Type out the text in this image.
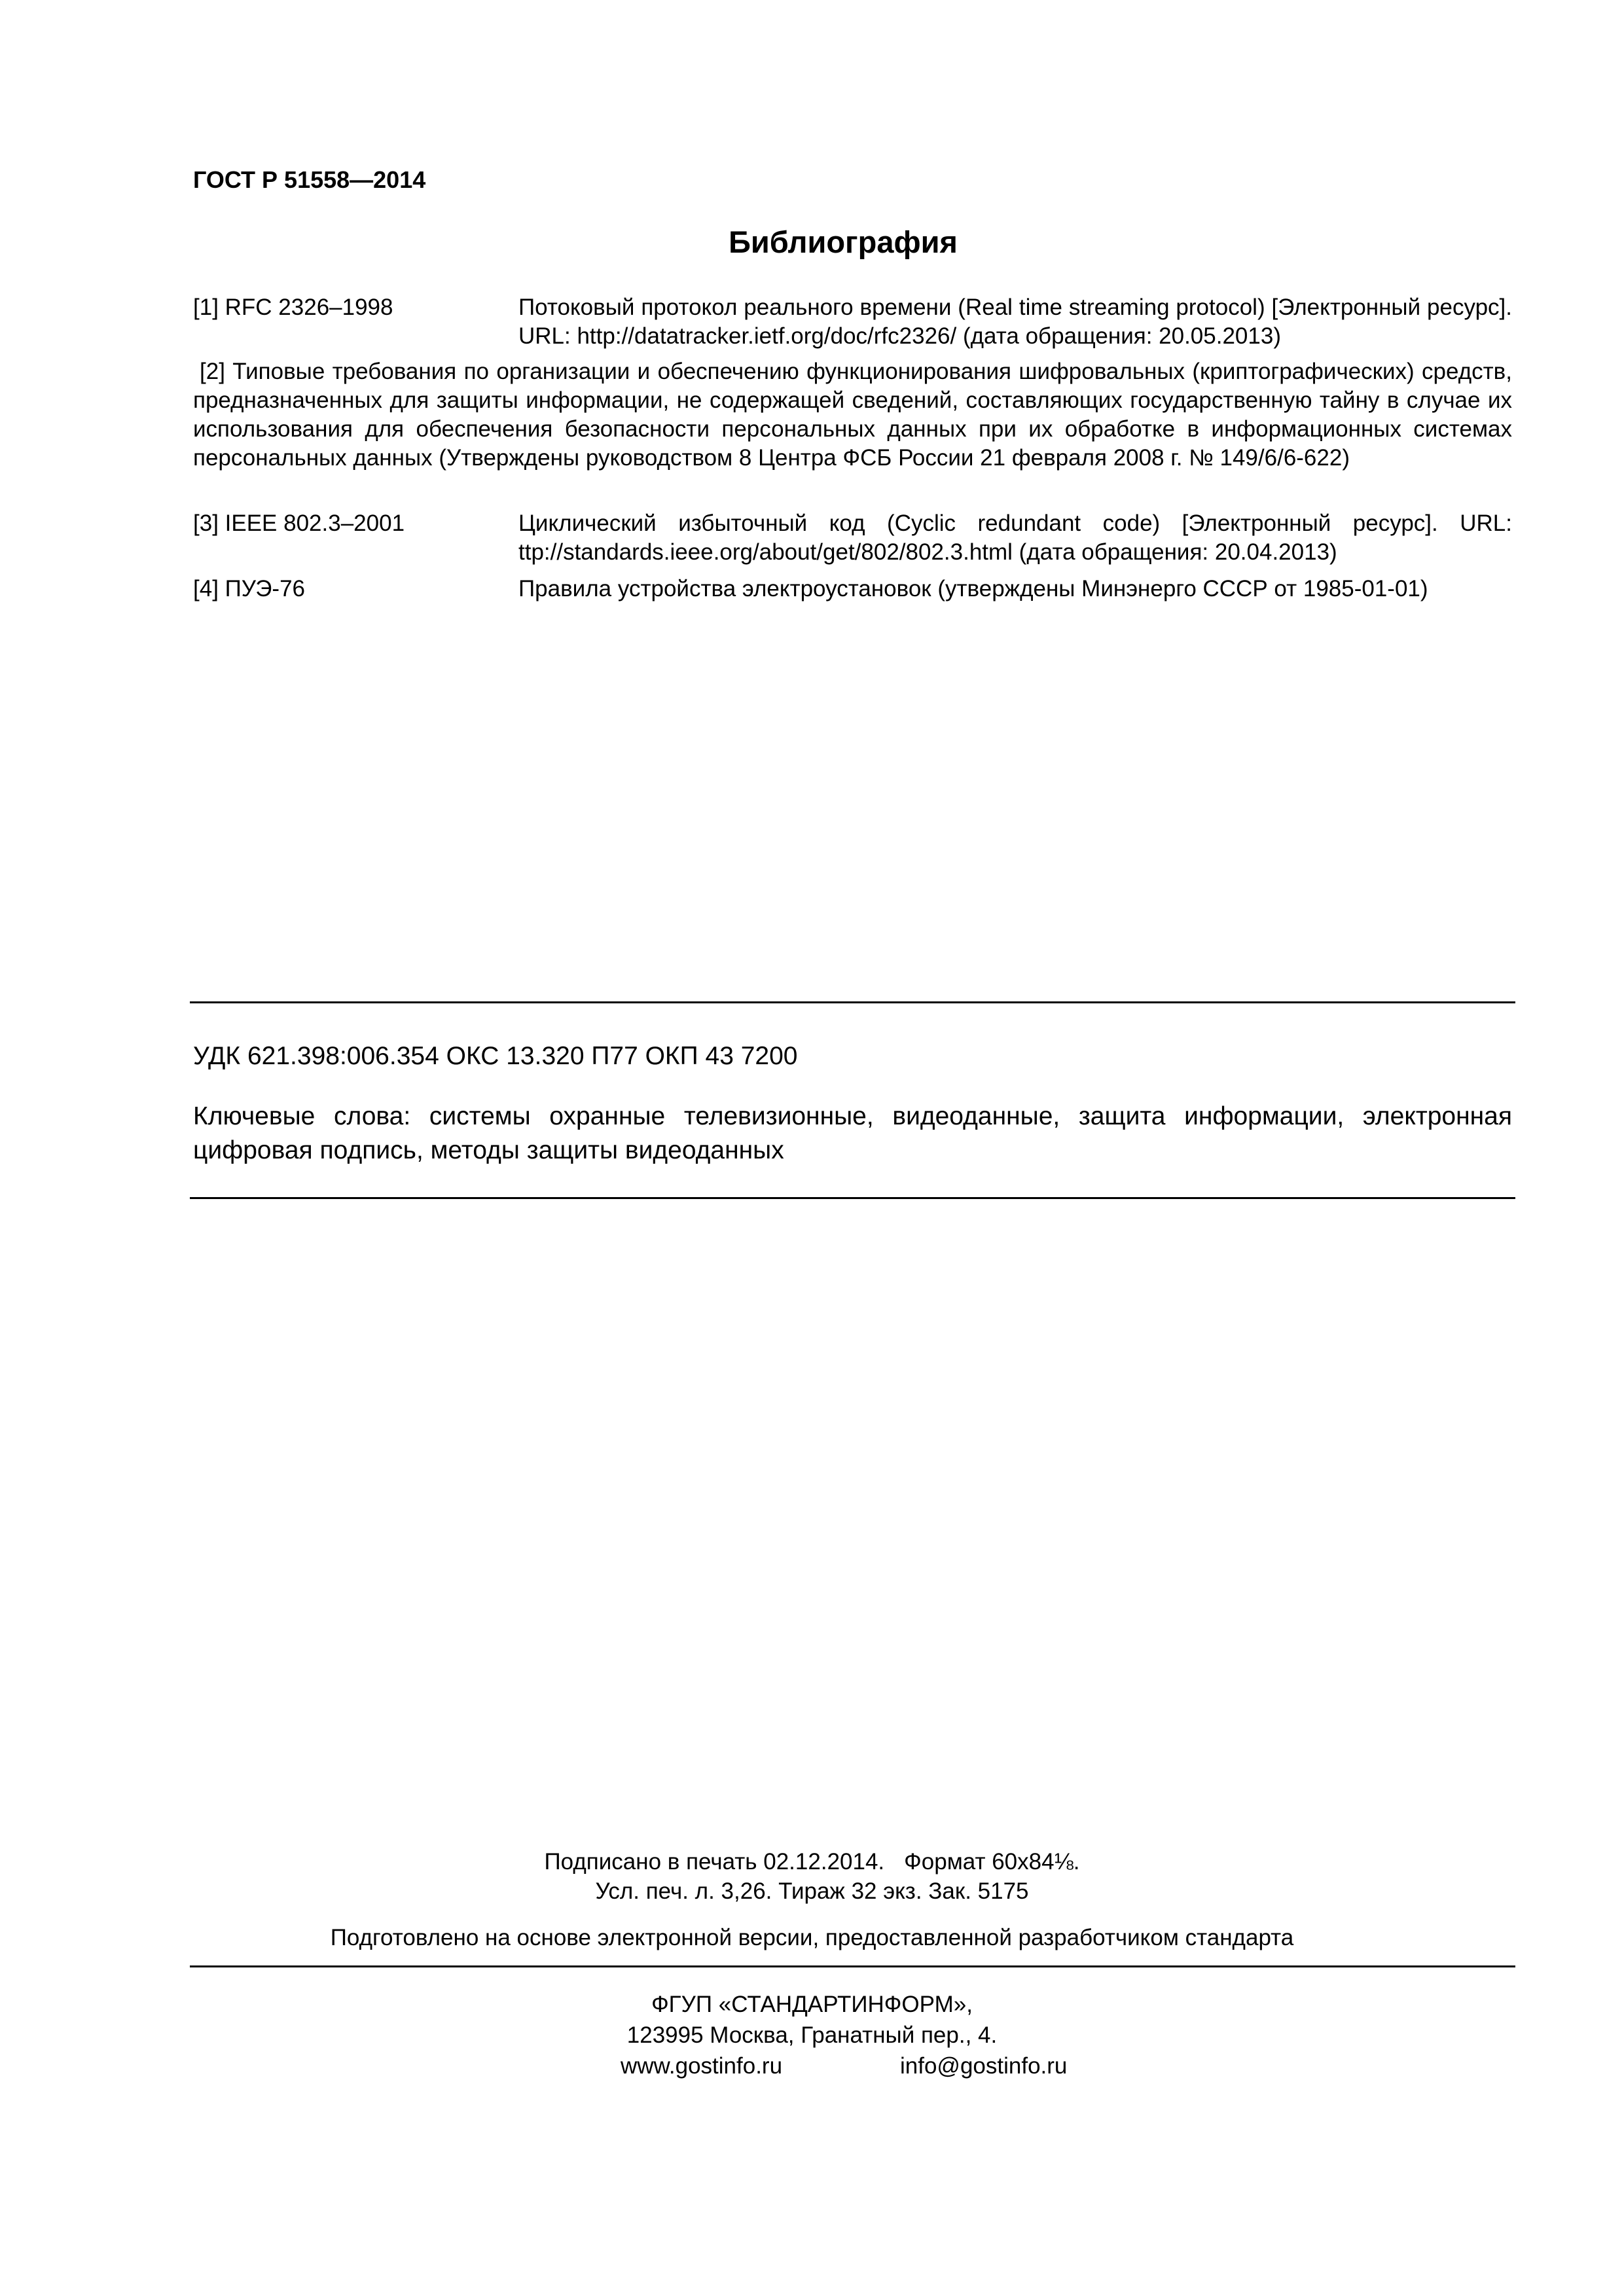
ГОСТ Р 51558—2014
Библиография
[1] RFC 2326–1998	Потоковый протокол реального времени (Real time streaming protocol) [Электронный ресурс]. URL: http://datatracker.ietf.org/doc/rfc2326/ (дата обращения: 20.05.2013)
[2] Типовые требования по организации и обеспечению функционирования шифровальных (криптографических) средств, предназначенных для защиты информации, не содержащей сведений, составляющих государственную тайну в случае их использования для обеспечения безопасности персональных данных при их обработке в информационных системах персональных данных (Утверждены руководством 8 Центра ФСБ России 21 февраля 2008 г. № 149/6/6-622)
[3] IEEE 802.3–2001	Циклический избыточный код (Cyclic redundant code) [Электронный ресурс]. URL: ttp://standards.ieee.org/about/get/802/802.3.html (дата обращения: 20.04.2013)
[4] ПУЭ-76	Правила устройства электроустановок (утверждены Минэнерго СССР от 1985-01-01)
УДК 621.398:006.354 ОКС 13.320 П77 ОКП 43 7200
Ключевые слова: системы охранные телевизионные, видеоданные, защита информации, электронная цифровая подпись, методы защиты видеоданных
Подписано в печать 02.12.2014. Формат 60x84⅛.
Усл. печ. л. 3,26. Тираж 32 экз. Зак. 5175
Подготовлено на основе электронной версии, предоставленной разработчиком стандарта
ФГУП «СТАНДАРТИНФОРМ»,
123995 Москва, Гранатный пер., 4.
www.gostinfo.ru	info@gostinfo.ru
